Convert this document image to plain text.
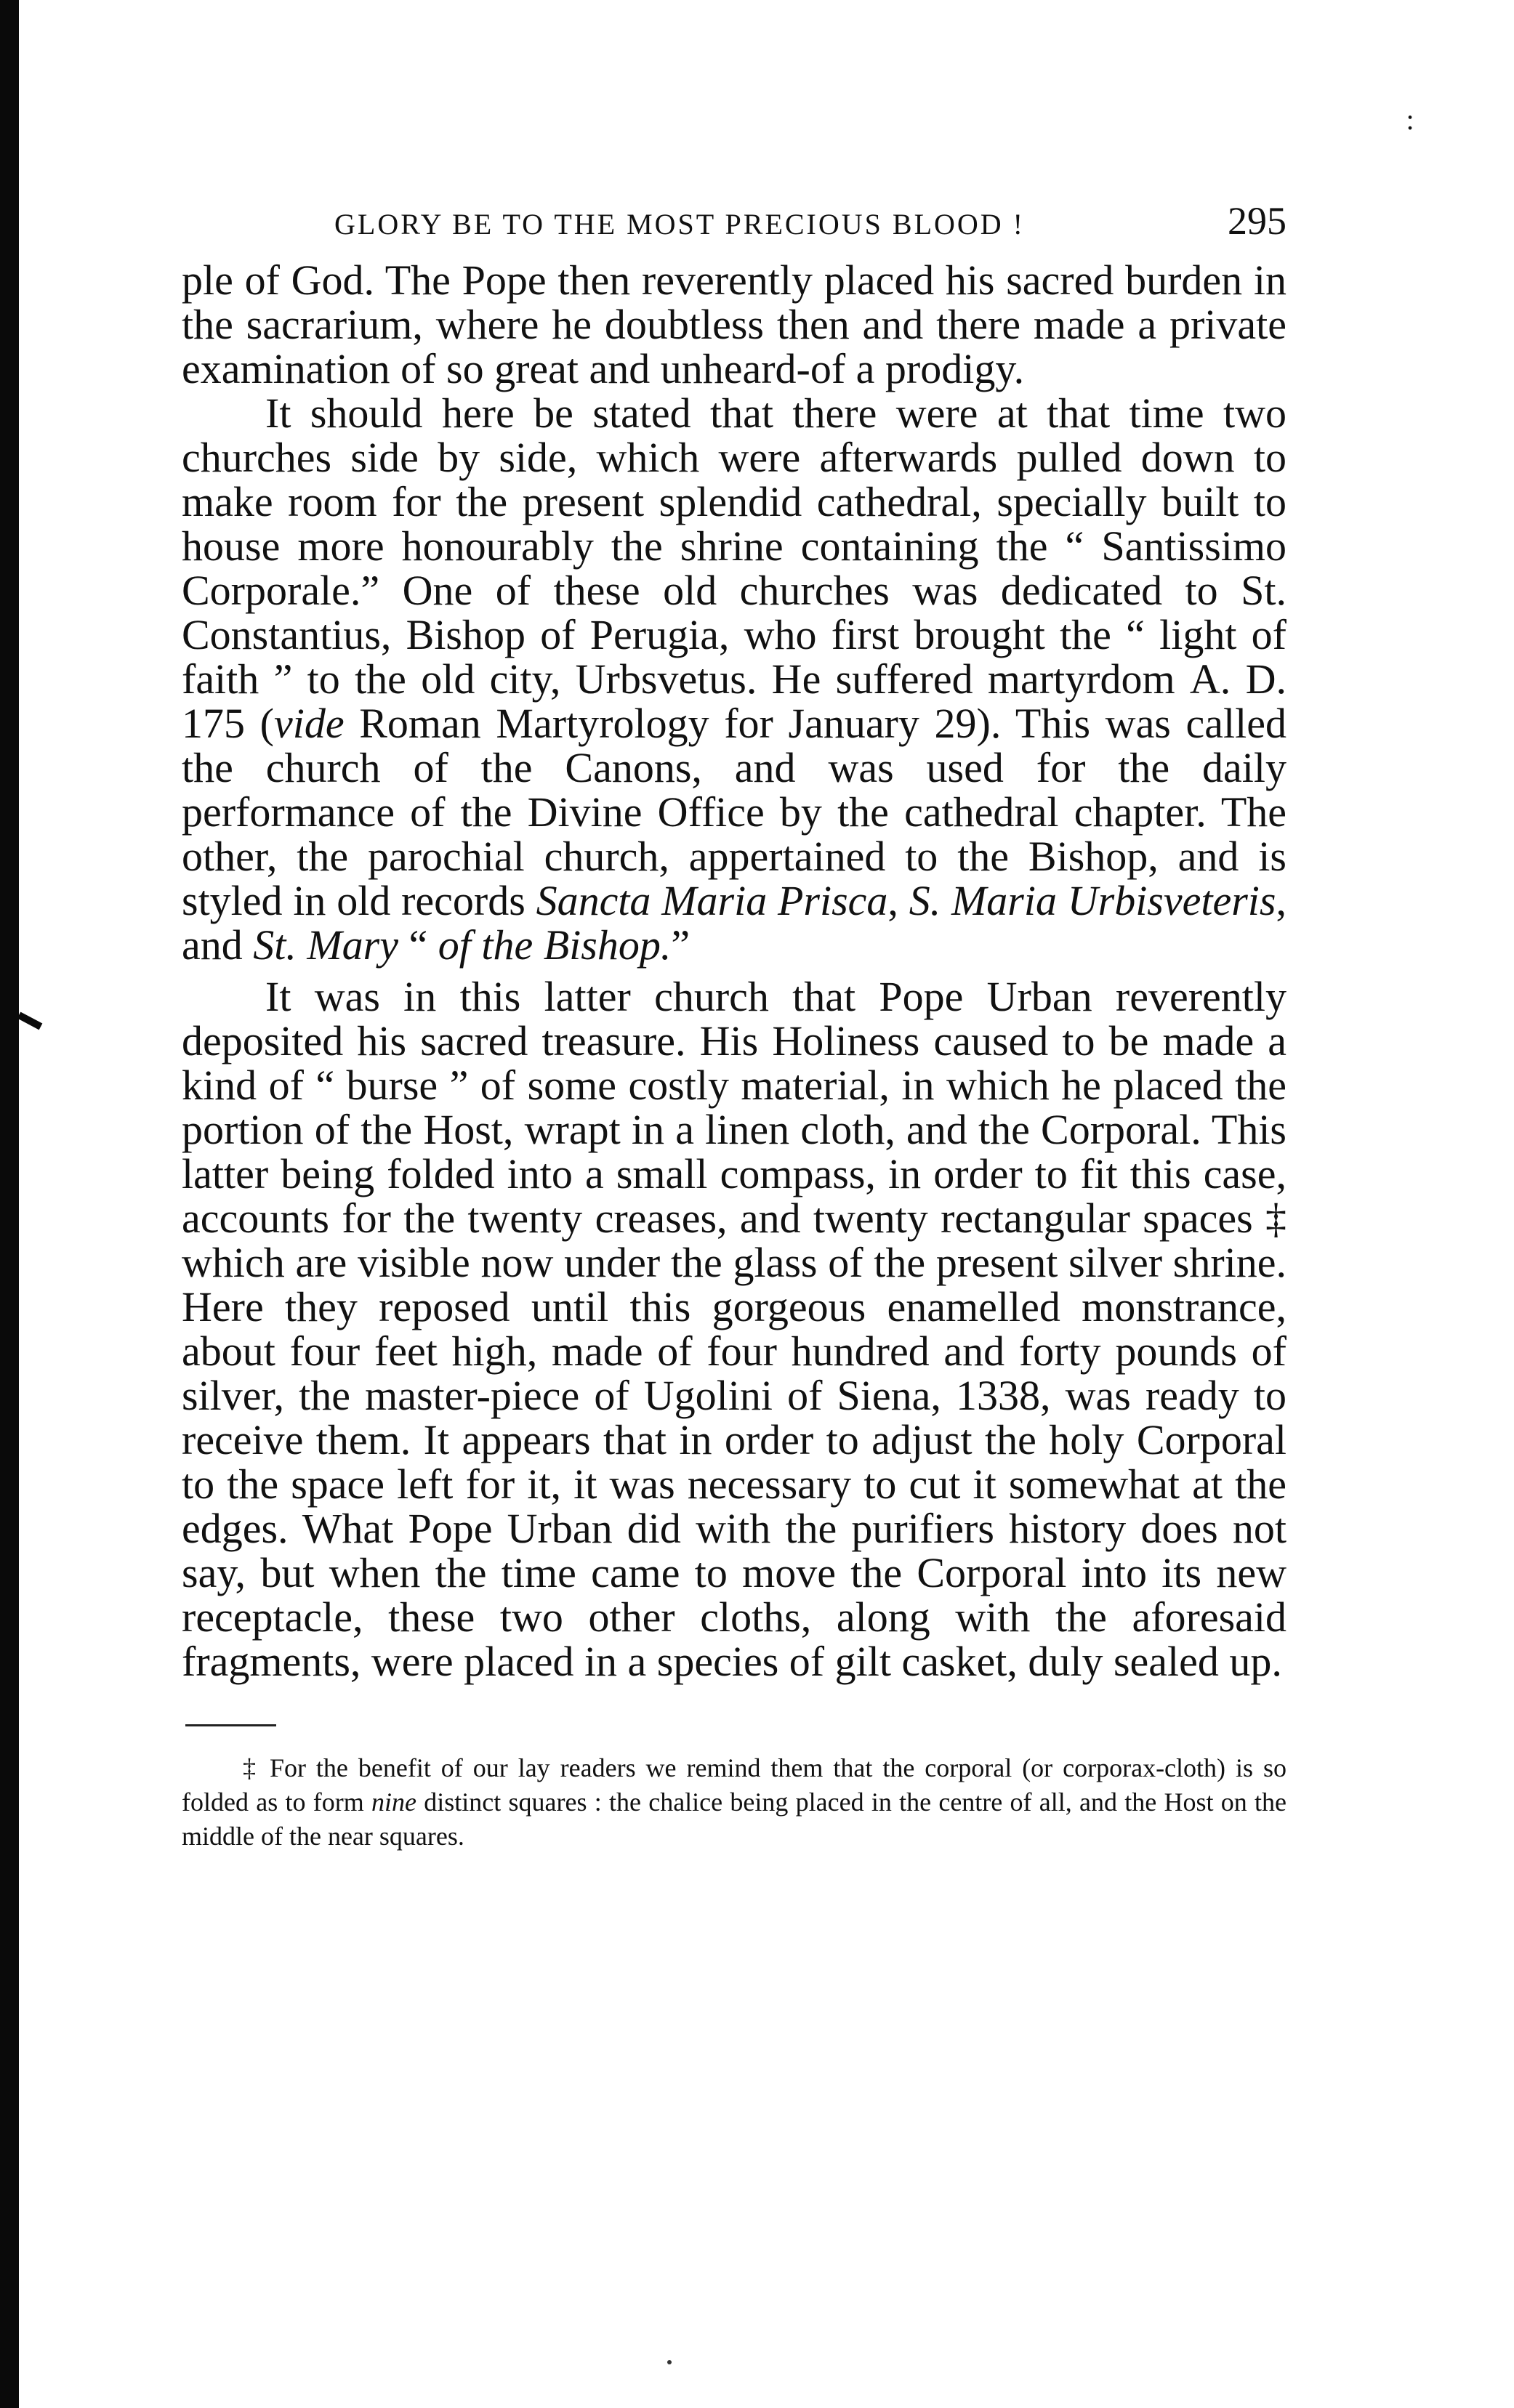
:
GLORY BE TO THE MOST PRECIOUS BLOOD !	295

ple of God. The Pope then reverently placed his sacred burden in the sacrarium, where he doubtless then and there made a private examination of so great and unheard-of a prodigy.

It should here be stated that there were at that time two churches side by side, which were afterwards pulled down to make room for the present splendid cathedral, specially built to house more honourably the shrine containing the “ Santissimo Corporale.” One of these old churches was dedicated to St. Constantius, Bishop of Perugia, who first brought the “ light of faith ” to the old city, Urbsvetus. He suffered martyrdom A. D. 175 (vide Roman Martyrology for January 29). This was called the church of the Canons, and was used for the daily performance of the Divine Office by the cathedral chapter. The other, the parochial church, appertained to the Bishop, and is styled in old records Sancta Maria Prisca, S. Maria Urbisveteris, and St. Mary “ of the Bishop.”

It was in this latter church that Pope Urban reverently deposited his sacred treasure. His Holiness caused to be made a kind of “ burse ” of some costly material, in which he placed the portion of the Host, wrapt in a linen cloth, and the Corporal. This latter being folded into a small compass, in order to fit this case, accounts for the twenty creases, and twenty rectangular spaces ‡ which are visible now under the glass of the present silver shrine. Here they reposed until this gorgeous enamelled monstrance, about four feet high, made of four hundred and forty pounds of silver, the master-piece of Ugolini of Siena, 1338, was ready to receive them. It appears that in order to adjust the holy Corporal to the space left for it, it was necessary to cut it somewhat at the edges. What Pope Urban did with the purifiers history does not say, but when the time came to move the Corporal into its new receptacle, these two other cloths, along with the aforesaid fragments, were placed in a species of gilt casket, duly sealed up.

‡ For the benefit of our lay readers we remind them that the corporal (or corporax-cloth) is so folded as to form nine distinct squares : the chalice being placed in the centre of all, and the Host on the middle of the near squares.
